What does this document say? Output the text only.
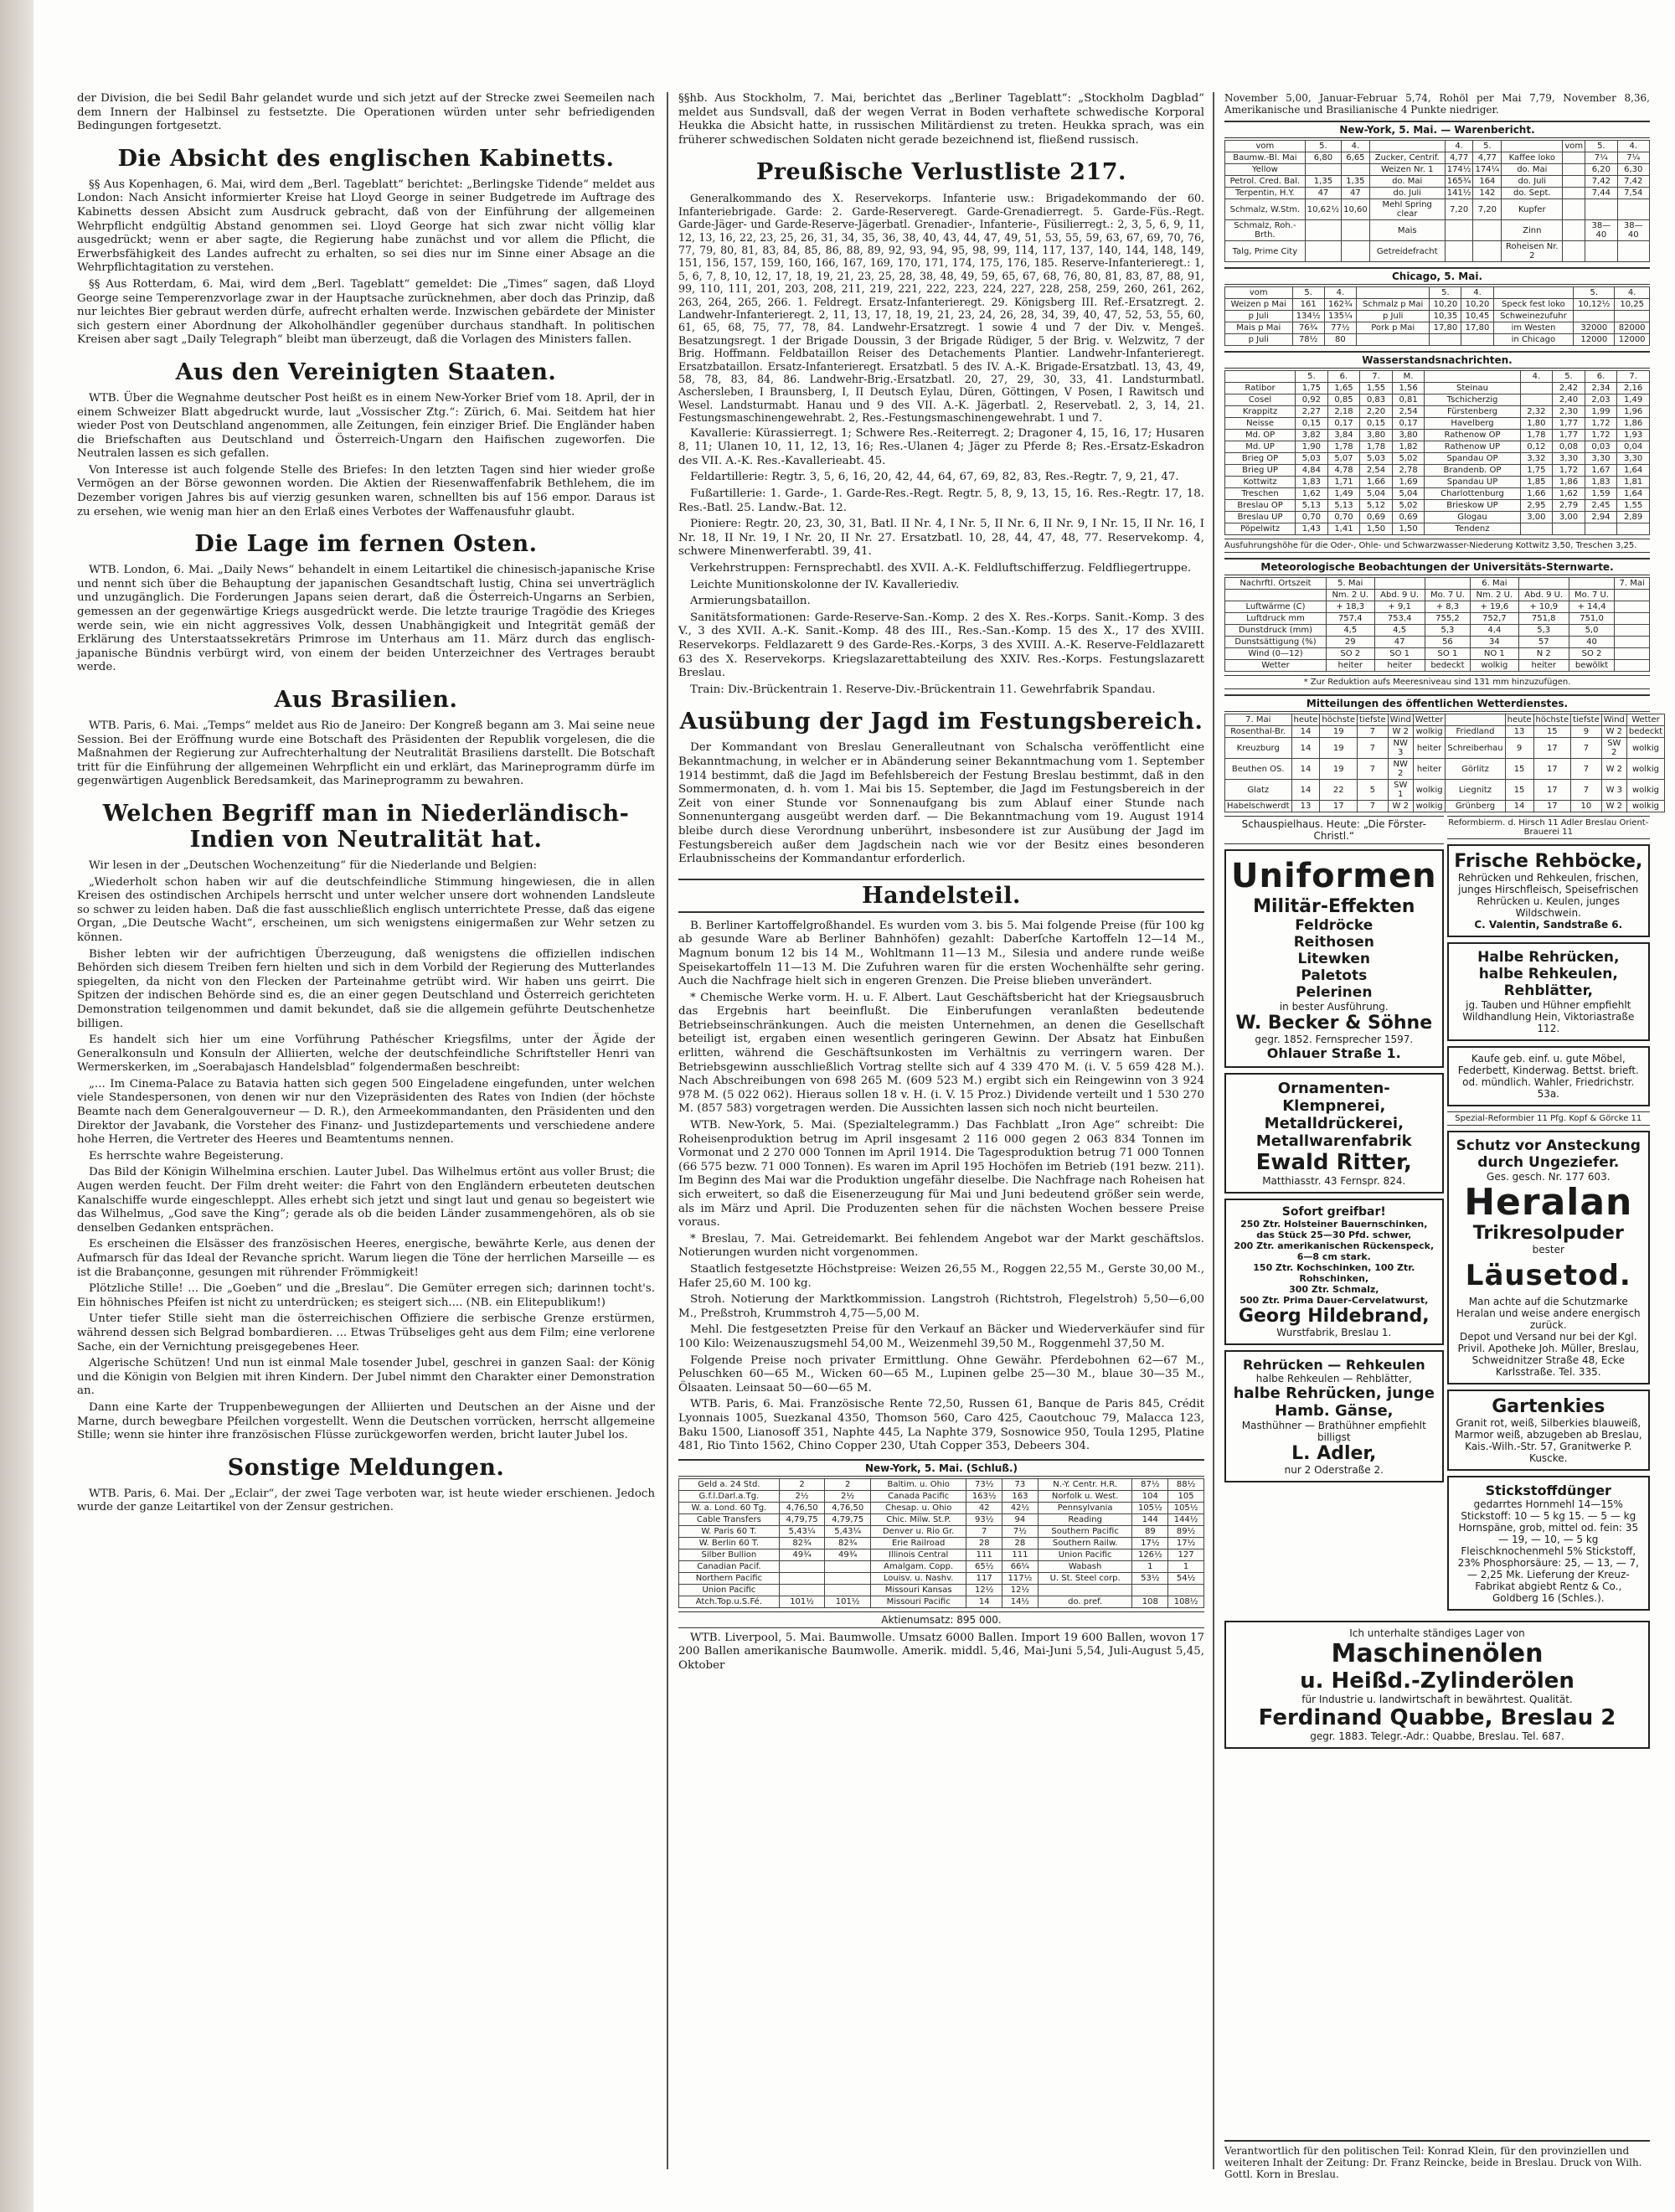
der Division, die bei Sedil Bahr gelandet wurde und sich jetzt auf der Strecke zwei Seemeilen nach dem Innern der Halbinsel zu festsetzte. Die Operationen würden unter sehr befriedigenden Bedingungen fortgesetzt.

Die Absicht des englischen Kabinetts.

§§ Aus Kopenhagen, 6. Mai, wird dem „Berl. Tageblatt“ berichtet: „Berlingske Tidende“ meldet aus London: Nach Ansicht informierter Kreise hat Lloyd George in seiner Budgetrede im Auftrage des Kabinetts dessen Absicht zum Ausdruck gebracht, daß von der Einführung der allgemeinen Wehrpflicht endgültig Abstand genommen sei. Lloyd George hat sich zwar nicht völlig klar ausgedrückt; wenn er aber sagte, die Regierung habe zunächst und vor allem die Pflicht, die Erwerbsfähigkeit des Landes aufrecht zu erhalten, so sei dies nur im Sinne einer Absage an die Wehrpflichtagitation zu verstehen.

§§ Aus Rotterdam, 6. Mai, wird dem „Berl. Tageblatt“ gemeldet: Die „Times“ sagen, daß Lloyd George seine Temperenzvorlage zwar in der Hauptsache zurücknehmen, aber doch das Prinzip, daß nur leichtes Bier gebraut werden dürfe, aufrecht erhalten werde. Inzwischen gebärdete der Minister sich gestern einer Abordnung der Alkoholhändler gegenüber durchaus standhaft. In politischen Kreisen aber sagt „Daily Telegraph“ bleibt man überzeugt, daß die Vorlagen des Ministers fallen.

Aus den Vereinigten Staaten.

WTB. Über die Wegnahme deutscher Post heißt es in einem New-Yorker Brief vom 18. April, der in einem Schweizer Blatt abgedruckt wurde, laut „Vossischer Ztg.“: Zürich, 6. Mai. Seitdem hat hier wieder Post von Deutschland angenommen, alle Zeitungen, fein einziger Brief. Die Engländer haben die Briefschaften aus Deutschland und Österreich-Ungarn den Haifischen zugeworfen. Die Neutralen lassen es sich gefallen.

Von Interesse ist auch folgende Stelle des Briefes: In den letzten Tagen sind hier wieder große Vermögen an der Börse gewonnen worden. Die Aktien der Riesenwaffenfabrik Bethlehem, die im Dezember vorigen Jahres bis auf vierzig gesunken waren, schnellten bis auf 156 empor. Daraus ist zu ersehen, wie wenig man hier an den Erlaß eines Verbotes der Waffenausfuhr glaubt.

Die Lage im fernen Osten.

WTB. London, 6. Mai. „Daily News“ behandelt in einem Leitartikel die chinesisch-japanische Krise und nennt sich über die Behauptung der japanischen Gesandtschaft lustig, China sei unverträglich und unzugänglich. Die Forderungen Japans seien derart, daß die Österreich-Ungarns an Serbien, gemessen an der gegenwärtige Kriegs ausgedrückt werde. Die letzte traurige Tragödie des Krieges werde sein, wie ein nicht aggressives Volk, dessen Unabhängigkeit und Integrität gemäß der Erklärung des Unterstaatssekretärs Primrose im Unterhaus am 11. März durch das englisch-japanische Bündnis verbürgt wird, von einem der beiden Unterzeichner des Vertrages beraubt werde.

Aus Brasilien.

WTB. Paris, 6. Mai. „Temps“ meldet aus Rio de Janeiro: Der Kongreß begann am 3. Mai seine neue Session. Bei der Eröffnung wurde eine Botschaft des Präsidenten der Republik vorgelesen, die die Maßnahmen der Regierung zur Aufrechterhaltung der Neutralität Brasiliens darstellt. Die Botschaft tritt für die Einführung der allgemeinen Wehrpflicht ein und erklärt, das Marineprogramm dürfe im gegenwärtigen Augenblick Beredsamkeit, das Marineprogramm zu bewahren.

Welchen Begriff man in Niederländisch-Indien von Neutralität hat.

Wir lesen in der „Deutschen Wochenzeitung“ für die Niederlande und Belgien:

„Wiederholt schon haben wir auf die deutschfeindliche Stimmung hingewiesen, die in allen Kreisen des ostindischen Archipels herrscht und unter welcher unsere dort wohnenden Landsleute so schwer zu leiden haben. Daß die fast ausschließlich englisch unterrichtete Presse, daß das eigene Organ, „Die Deutsche Wacht“, erscheinen, um sich wenigstens einigermaßen zur Wehr setzen zu können.

Bisher lebten wir der aufrichtigen Überzeugung, daß wenigstens die offiziellen indischen Behörden sich diesem Treiben fern hielten und sich in dem Vorbild der Regierung des Mutterlandes spiegelten, da nicht von den Flecken der Parteinahme getrübt wird. Wir haben uns geirrt. Die Spitzen der indischen Behörde sind es, die an einer gegen Deutschland und Österreich gerichteten Demonstration teilgenommen und damit bekundet, daß sie die allgemein geführte Deutschenhetze billigen.

Es handelt sich hier um eine Vorführung Pathéscher Kriegsfilms, unter der Ägide der Generalkonsuln und Konsuln der Alliierten, welche der deutschfeindliche Schriftsteller Henri van Wermerskerken, im „Soerabajasch Handelsblad“ folgendermaßen beschreibt:

„... Im Cinema-Palace zu Batavia hatten sich gegen 500 Eingeladene eingefunden, unter welchen viele Standespersonen, von denen wir nur den Vizepräsidenten des Rates von Indien (der höchste Beamte nach dem Generalgouverneur — D. R.), den Armeekommandanten, den Präsidenten und den Direktor der Javabank, die Vorsteher des Finanz- und Justizdepartements und verschiedene andere hohe Herren, die Vertreter des Heeres und Beamtentums nennen.

Es herrschte wahre Begeisterung.

Das Bild der Königin Wilhelmina erschien. Lauter Jubel. Das Wilhelmus ertönt aus voller Brust; die Augen werden feucht. Der Film dreht weiter: die Fahrt von den Engländern erbeuteten deutschen Kanalschiffe wurde eingeschleppt. Alles erhebt sich jetzt und singt laut und genau so begeistert wie das Wilhelmus, „God save the King“; gerade als ob die beiden Länder zusammengehören, als ob sie denselben Gedanken entsprächen.

Es erscheinen die Elsässer des französischen Heeres, energische, bewährte Kerle, aus denen der Aufmarsch für das Ideal der Revanche spricht. Warum liegen die Töne der herrlichen Marseille — es ist die Brabançonne, gesungen mit rührender Frömmigkeit!

Plötzliche Stille! ... Die „Goeben“ und die „Breslau“. Die Gemüter erregen sich; darinnen tocht's. Ein höhnisches Pfeifen ist nicht zu unterdrücken; es steigert sich.... (NB. ein Elitepublikum!)

Unter tiefer Stille sieht man die österreichischen Offiziere die serbische Grenze erstürmen, während dessen sich Belgrad bombardieren. ... Etwas Trübseliges geht aus dem Film; eine verlorene Sache, ein der Vernichtung preisgegebenes Heer.

Algerische Schützen! Und nun ist einmal Male tosender Jubel, geschrei in ganzen Saal: der König und die Königin von Belgien mit ihren Kindern. Der Jubel nimmt den Charakter einer Demonstration an.

Dann eine Karte der Truppenbewegungen der Alliierten und Deutschen an der Aisne und der Marne, durch bewegbare Pfeilchen vorgestellt. Wenn die Deutschen vorrücken, herrscht allgemeine Stille; wenn sie hinter ihre französischen Flüsse zurückgeworfen werden, bricht lauter Jubel los.

Sonstige Meldungen.

WTB. Paris, 6. Mai. Der „Eclair“, der zwei Tage verboten war, ist heute wieder erschienen. Jedoch wurde der ganze Leitartikel von der Zensur gestrichen.

§§hb. Aus Stockholm, 7. Mai, berichtet das „Berliner Tageblatt“: „Stockholm Dagblad“ meldet aus Sundsvall, daß der wegen Verrat in Boden verhaftete schwedische Korporal Heukka die Absicht hatte, in russischen Militärdienst zu treten. Heukka sprach, was ein früherer schwedischen Soldaten nicht gerade bezeichnend ist, fließend russisch.

Preußische Verlustliste 217.

Generalkommando des X. Reservekorps. Infanterie usw.: Brigadekommando der 60. Infanteriebrigade. Garde: 2. Garde-Reserveregt. Garde-Grenadierregt. 5. Garde-Füs.-Regt. Garde-Jäger- und Garde-Reserve-Jägerbatl. Grenadier-, Infanterie-, Füsilierregt.: 2, 3, 5, 6, 9, 11, 12, 13, 16, 22, 23, 25, 26, 31, 34, 35, 36, 38, 40, 43, 44, 47, 49, 51, 53, 55, 59, 63, 67, 69, 70, 76, 77, 79, 80, 81, 83, 84, 85, 86, 88, 89, 92, 93, 94, 95, 98, 99, 114, 117, 137, 140, 144, 148, 149, 151, 156, 157, 159, 160, 166, 167, 169, 170, 171, 174, 175, 176, 185. Reserve-Infanterieregt.: 1, 5, 6, 7, 8, 10, 12, 17, 18, 19, 21, 23, 25, 28, 38, 48, 49, 59, 65, 67, 68, 76, 80, 81, 83, 87, 88, 91, 99, 110, 111, 201, 203, 208, 211, 219, 221, 222, 223, 224, 227, 228, 258, 259, 260, 261, 262, 263, 264, 265, 266. 1. Feldregt. Ersatz-Infanterieregt. 29. Königsberg III. Ref.-Ersatzregt. 2. Landwehr-Infanterieregt. 2, 11, 13, 17, 18, 19, 21, 23, 24, 26, 28, 34, 39, 40, 47, 52, 53, 55, 60, 61, 65, 68, 75, 77, 78, 84. Landwehr-Ersatzregt. 1 sowie 4 und 7 der Div. v. Mengeš. Besatzungsregt. 1 der Brigade Doussin, 3 der Brigade Rüdiger, 5 der Brig. v. Welzwitz, 7 der Brig. Hoffmann. Feldbataillon Reiser des Detachements Plantier. Landwehr-Infanterieregt. Ersatzbataillon. Ersatz-Infanterieregt. Ersatzbatl. 5 des IV. A.-K. Brigade-Ersatzbatl. 13, 43, 49, 58, 78, 83, 84, 86. Landwehr-Brig.-Ersatzbatl. 20, 27, 29, 30, 33, 41. Landsturmbatl. Aschersleben, I Braunsberg, I, II Deutsch Eylau, Düren, Göttingen, V Posen, I Rawitsch und Wesel. Landsturmabt. Hanau und 9 des VII. A.-K. Jägerbatl. 2, Reservebatl. 2, 3, 14, 21. Festungsmaschinengewehrabt. 2, Res.-Festungsmaschinengewehrabt. 1 und 7.

Kavallerie: Kürassierregt. 1; Schwere Res.-Reiterregt. 2; Dragoner 4, 15, 16, 17; Husaren 8, 11; Ulanen 10, 11, 12, 13, 16; Res.-Ulanen 4; Jäger zu Pferde 8; Res.-Ersatz-Eskadron des VII. A.-K. Res.-Kavallerieabt. 45.

Feldartillerie: Regtr. 3, 5, 6, 16, 20, 42, 44, 64, 67, 69, 82, 83, Res.-Regtr. 7, 9, 21, 47.

Fußartillerie: 1. Garde-, 1. Garde-Res.-Regt. Regtr. 5, 8, 9, 13, 15, 16. Res.-Regtr. 17, 18. Res.-Batl. 25. Landw.-Bat. 12.

Pioniere: Regtr. 20, 23, 30, 31, Batl. II Nr. 4, I Nr. 5, II Nr. 6, II Nr. 9, I Nr. 15, II Nr. 16, I Nr. 18, II Nr. 19, I Nr. 20, II Nr. 27. Ersatzbatl. 10, 28, 44, 47, 48, 77. Reservekomp. 4, schwere Minenwerferabtl. 39, 41.

Verkehrstruppen: Fernsprechabtl. des XVII. A.-K. Feldluftschifferzug. Feldfliegertruppe.

Leichte Munitionskolonne der IV. Kavalleriediv.

Armierungsbataillon.

Sanitätsformationen: Garde-Reserve-San.-Komp. 2 des X. Res.-Korps. Sanit.-Komp. 3 des V., 3 des XVII. A.-K. Sanit.-Komp. 48 des III., Res.-San.-Komp. 15 des X., 17 des XVIII. Reservekorps. Feldlazarett 9 des Garde-Res.-Korps, 3 des XVIII. A.-K. Reserve-Feldlazarett 63 des X. Reservekorps. Kriegslazarettabteilung des XXIV. Res.-Korps. Festungslazarett Breslau.

Train: Div.-Brückentrain 1. Reserve-Div.-Brückentrain 11. Gewehrfabrik Spandau.

Ausübung der Jagd im Festungsbereich.

Der Kommandant von Breslau Generalleutnant von Schalscha veröffentlicht eine Bekanntmachung, in welcher er in Abänderung seiner Bekanntmachung vom 1. September 1914 bestimmt, daß die Jagd im Befehlsbereich der Festung Breslau bestimmt, daß in den Sommermonaten, d. h. vom 1. Mai bis 15. September, die Jagd im Festungsbereich in der Zeit von einer Stunde vor Sonnenaufgang bis zum Ablauf einer Stunde nach Sonnenuntergang ausgeübt werden darf. — Die Bekanntmachung vom 19. August 1914 bleibe durch diese Verordnung unberührt, insbesondere ist zur Ausübung der Jagd im Festungsbereich außer dem Jagdschein nach wie vor der Besitz eines besonderen Erlaubnisscheins der Kommandantur erforderlich.

Handelsteil.

B. Berliner Kartoffelgroßhandel. Es wurden vom 3. bis 5. Mai folgende Preise (für 100 kg ab gesunde Ware ab Berliner Bahnhöfen) gezahlt: Daberſche Kartoffeln 12—14 M., Magnum bonum 12 bis 14 M., Wohltmann 11—13 M., Silesia und andere runde weiße Speisekartoffeln 11—13 M. Die Zufuhren waren für die ersten Wochenhälfte sehr gering. Auch die Nachfrage hielt sich in engeren Grenzen. Die Preise blieben unverändert.

* Chemische Werke vorm. H. u. F. Albert. Laut Geschäftsbericht hat der Kriegsausbruch das Ergebnis hart beeinflußt. Die Einberufungen veranlaßten bedeutende Betriebseinschränkungen. Auch die meisten Unternehmen, an denen die Gesellschaft beteiligt ist, ergaben einen wesentlich geringeren Gewinn. Der Absatz hat Einbußen erlitten, während die Geschäftsunkosten im Verhältnis zu verringern waren. Der Betriebsgewinn ausschließlich Vortrag stellte sich auf 4 339 470 M. (i. V. 5 659 428 M.). Nach Abschreibungen von 698 265 M. (609 523 M.) ergibt sich ein Reingewinn von 3 924 978 M. (5 022 062). Hieraus sollen 18 v. H. (i. V. 15 Proz.) Dividende verteilt und 1 530 270 M. (857 583) vorgetragen werden. Die Aussichten lassen sich noch nicht beurteilen.

WTB. New-York, 5. Mai. (Spezialtelegramm.) Das Fachblatt „Iron Age“ schreibt: Die Roheisenproduktion betrug im April insgesamt 2 116 000 gegen 2 063 834 Tonnen im Vormonat und 2 270 000 Tonnen im April 1914. Die Tagesproduktion betrug 71 000 Tonnen (66 575 bezw. 71 000 Tonnen). Es waren im April 195 Hochöfen im Betrieb (191 bezw. 211). Im Beginn des Mai war die Produktion ungefähr dieselbe. Die Nachfrage nach Roheisen hat sich erweitert, so daß die Eisenerzeugung für Mai und Juni bedeutend größer sein werde, als im März und April. Die Produzenten sehen für die nächsten Wochen bessere Preise voraus.

* Breslau, 7. Mai. Getreidemarkt. Bei fehlendem Angebot war der Markt geschäftslos. Notierungen wurden nicht vorgenommen.

Staatlich festgesetzte Höchstpreise: Weizen 26,55 M., Roggen 22,55 M., Gerste 30,00 M., Hafer 25,60 M. 100 kg.

Stroh. Notierung der Marktkommission. Langstroh (Richtstroh, Flegelstroh) 5,50—6,00 M., Preßstroh, Krummstroh 4,75—5,00 M.

Mehl. Die festgesetzten Preise für den Verkauf an Bäcker und Wiederverkäufer sind für 100 Kilo: Weizenauszugsmehl 54,00 M., Weizenmehl 39,50 M., Roggenmehl 37,50 M.

Folgende Preise noch privater Ermittlung. Ohne Gewähr. Pferdebohnen 62—67 M., Peluschken 60—65 M., Wicken 60—65 M., Lupinen gelbe 25—30 M., blaue 30—35 M., Ölsaaten. Leinsaat 50—60—65 M.

WTB. Paris, 6. Mai. Französische Rente 72,50, Russen 61, Banque de Paris 845, Crédit Lyonnais 1005, Suezkanal 4350, Thomson 560, Caro 425, Caoutchouc 79, Malacca 123, Baku 1500, Lianosoff 351, Naphte 445, La Naphte 379, Sosnowice 950, Toula 1295, Platine 481, Rio Tinto 1562, Chino Copper 230, Utah Copper 353, Debeers 304.

New-York, 5. Mai. (Schluß.)
Geld a. 24 Std.	2	2	Baltim. u. Ohio	73½	73	N.-Y. Centr. H.R.	87½	88½
G.f.l.Darl.a.Tg.	2½	2½	Canada Pacific	163½	163	Norfolk u. West.	104	105
W. a. Lond. 60 Tg.	4,76,50	4,76,50	Chesap. u. Ohio	42	42½	Pennsylvania	105½	105½
Cable Transfers	4,79,75	4,79,75	Chic. Milw. St.P.	93½	94	Reading	144	144½
W. Paris 60 T.	5,43¼	5,43¼	Denver u. Rio Gr.	7	7½	Southern Pacific	89	89½
W. Berlin 60 T.	82¾	82¾	Erie Railroad	28	28	Southern Railw.	17½	17½
Silber Bullion	49¾	49¾	Illinois Central	111	111	Union Pacific	126½	127
Canadian Pacif.			Amalgam. Copp.	65½	66¼	Wabash	1	1
Northern Pacific			Louisv. u. Nashv.	117	117½	U. St. Steel corp.	53½	54½
Union Pacific			Missouri Kansas	12½	12½			
Atch.Top.u.S.Fé.	101½	101½	Missouri Pacific	14	14½	do. pref.	108	108½
Aktienumsatz: 895 000.

WTB. Liverpool, 5. Mai. Baumwolle. Umsatz 6000 Ballen. Import 19 600 Ballen, wovon 17 200 Ballen amerikanische Baumwolle. Amerik. middl. 5,46, Mai-Juni 5,54, Juli-August 5,45, Oktober

November 5,00, Januar-Februar 5,74, Rohöl per Mai 7,79, November 8,36, Amerikanische und Brasilianische 4 Punkte niedriger.

New-York, 5. Mai. — Warenbericht.
vom	5.	4.		4.	5.		vom	5.	4.
Baumw.-Bl. Mai	6,80	6,65	Zucker, Centrif.	4,77	4,77	Kaffee loko		7¼	7¼
Yellow			Weizen Nr. 1	174½	174¼	do. Mai		6,20	6,30
Petrol. Cred. Bal.	1,35	1,35	do. Mai	165¾	164	do. Juli		7,42	7,42
Terpentin, H.Y.	47	47	do. Juli	141½	142	do. Sept.		7,44	7,54
Schmalz, W.Stm.	10,62½	10,60	Mehl Spring clear	7,20	7,20	Kupfer			
Schmalz, Roh.-Brth.			Mais			Zinn		38—40	38—40
Talg, Prime City			Getreidefracht			Roheisen Nr. 2			
Chicago, 5. Mai.
vom	5.	4.		5.	4.		5.	4.
Weizen p Mai	161	162¾	Schmalz p Mai	10,20	10,20	Speck fest loko	10,12½	10,25
p Juli	134½	135¼	p Juli	10,35	10,45	Schweinezufuhr		
Mais p Mai	76¾	77½	Pork p Mai	17,80	17,80	im Westen	32000	82000
p Juli	78½	80				in Chicago	12000	12000
Wasserstandsnachrichten.
	5.	6.	7.	M.		4.	5.	6.	7.
Ratibor	1,75	1,65	1,55	1,56	Steinau		2,42	2,34	2,16
Cosel	0,92	0,85	0,83	0,81	Tschicherzig		2,40	2,03	1,49
Krappitz	2,27	2,18	2,20	2,54	Fürstenberg	2,32	2,30	1,99	1,96
Neisse	0,15	0,17	0,15	0,17	Havelberg	1,80	1,77	1,72	1,86
Md. OP	3,82	3,84	3,80	3,80	Rathenow OP	1,78	1,77	1,72	1,93
Md. UP	1,90	1,78	1,78	1,82	Rathenow UP	0,12	0,08	0,03	0,04
Brieg OP	5,03	5,07	5,03	5,02	Spandau OP	3,32	3,30	3,30	3,30
Brieg UP	4,84	4,78	2,54	2,78	Brandenb. OP	1,75	1,72	1,67	1,64
Kottwitz	1,83	1,71	1,66	1,69	Spandau UP	1,85	1,86	1,83	1,81
Treschen	1,62	1,49	5,04	5,04	Charlottenburg	1,66	1,62	1,59	1,64
Breslau OP	5,13	5,13	5,12	5,02	Brieskow UP	2,95	2,79	2,45	1,55
Breslau UP	0,70	0,70	0,69	0,69	Glogau	3,00	3,00	2,94	2,89
Pöpelwitz	1,43	1,41	1,50	1,50	Tendenz				
Ausfuhrungshöhe für die Oder-, Ohle- und Schwarzwasser-Niederung Kottwitz 3,50, Treschen 3,25.
Meteorologische Beobachtungen der Universitäts-Sternwarte.
Nachrftl. Ortszeit	5. Mai			6. Mai			7. Mai
	Nm. 2 U.	Abd. 9 U.	Mo. 7 U.	Nm. 2 U.	Abd. 9 U.	Mo. 7 U.	
Luftwärme (C)	+ 18,3	+ 9,1	+ 8,3	+ 19,6	+ 10,9	+ 14,4	
Luftdruck mm	757,4	753,4	755,2	752,7	751,8	751,0	
Dunstdruck (mm)	4,5	4,5	5,3	4,4	5,3	5,0	
Dunstsättigung (%)	29	47	56	34	57	40	
Wind (0—12)	SO 2	SO 1	SO 1	NO 1	N 2	SO 2	
Wetter	heiter	heiter	bedeckt	wolkig	heiter	bewölkt	
* Zur Reduktion aufs Meeresniveau sind 131 mm hinzuzufügen.
Mitteilungen des öffentlichen Wetterdienstes.
7. Mai	heute	höchste	tiefste	Wind	Wetter		heute	höchste	tiefste	Wind	Wetter
Rosenthal-Br.	14	19	7	W 2	wolkig	Friedland	13	15	9	W 2	bedeckt
Kreuzburg	14	19	7	NW 3	heiter	Schreiberhau	9	17	7	SW 2	wolkig
Beuthen OS.	14	19	7	NW 2	heiter	Görlitz	15	17	7	W 2	wolkig
Glatz	14	22	5	SW 1	wolkig	Liegnitz	15	17	7	W 3	wolkig
Habelschwerdt	13	17	7	W 2	wolkig	Grünberg	14	17	10	W 2	wolkig
Schauspielhaus. Heute: „Die Förster-Christl.“
Uniformen
Militär-Effekten
Feldröcke
Reithosen
Litewken
Paletots
Pelerinen
in bester Ausführung.
W. Becker & Söhne
gegr. 1852. Fernsprecher 1597.
Ohlauer Straße 1.
Ornamenten-Klempnerei, Metalldrückerei, Metallwarenfabrik
Ewald Ritter,
Matthiasstr. 43 Fernspr. 824.
Sofort greifbar!
250 Ztr. Holsteiner Bauernschinken, das Stück 25—30 Pfd. schwer,
200 Ztr. amerikanischen Rückenspeck, 6—8 cm stark.
150 Ztr. Kochschinken, 100 Ztr. Rohschinken,
300 Ztr. Schmalz,
500 Ztr. Prima Dauer-Cervelatwurst,
Georg Hildebrand,
Wurstfabrik, Breslau 1.
Rehrücken — Rehkeulen
halbe Rehkeulen — Rehblätter,
halbe Rehrücken, junge Hamb. Gänse,
Masthühner — Brathühner empfiehlt billigst
L. Adler,
nur 2 Oderstraße 2.
Reformbierm. d. Hirsch 11 Adler Breslau Orient-Brauerei 11
Frische Rehböcke,
Rehrücken und Rehkeulen, frischen, junges Hirschfleisch, Speisefrischen Rehrücken u. Keulen, junges Wildschwein.
C. Valentin, Sandstraße 6.
Halbe Rehrücken, halbe Rehkeulen, Rehblätter,
jg. Tauben und Hühner empfiehlt Wildhandlung Hein, Viktoriastraße 112.
Kaufe geb. einf. u. gute Möbel, Federbett, Kinderwag. Bettst. brieft. od. mündlich. Wahler, Friedrichstr. 53a.
Spezial-Reformbier 11 Pfg. Kopf & Görcke 11
Schutz vor Ansteckung durch Ungeziefer.
Ges. gesch. Nr. 177 603.
Heralan
Trikresolpuder
bester
Läusetod.
Man achte auf die Schutzmarke Heralan und weise andere energisch zurück.
Depot und Versand nur bei der Kgl. Privil. Apotheke Joh. Müller, Breslau, Schweidnitzer Straße 48, Ecke Karlsstraße. Tel. 335.
Gartenkies
Granit rot, weiß, Silberkies blauweiß, Marmor weiß, abzugeben ab Breslau, Kais.-Wilh.-Str. 57, Granitwerke P. Kuscke.
Stickstoffdünger
gedarrtes Hornmehl 14—15% Stickstoff: 10 — 5 kg 15. — 5 — kg Hornspäne, grob, mittel od. fein: 35 — 19, — 10, — 5 kg Fleischknochenmehl 5% Stickstoff, 23% Phosphorsäure: 25, — 13, — 7, — 2,25 Mk. Lieferung der Kreuz-Fabrikat abgiebt Rentz & Co., Goldberg 16 (Schles.).
Ich unterhalte ständiges Lager von
Maschinenölen
u. Heißd.-Zylinderölen
für Industrie u. landwirtschaft in bewährtest. Qualität.
Ferdinand Quabbe, Breslau 2
gegr. 1883. Telegr.-Adr.: Quabbe, Breslau. Tel. 687.
Verantwortlich für den politischen Teil: Konrad Klein, für den provinziellen und weiteren Inhalt der Zeitung: Dr. Franz Reincke, beide in Breslau. Druck von Wilh. Gottl. Korn in Breslau.
